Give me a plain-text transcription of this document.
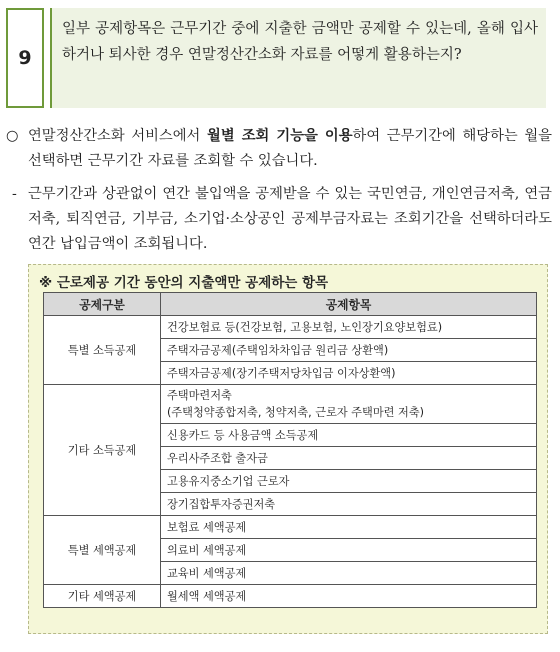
9
일부 공제항목은 근무기간 중에 지출한 금액만 공제할 수 있는데, 올해 입사하거나 퇴사한 경우 연말정산간소화 자료를 어떻게 활용하는지?
○ 연말정산간소화 서비스에서 월별 조회 기능을 이용하여 근무기간에 해당하는 월을 선택하면 근무기간 자료를 조회할 수 있습니다.
- 근무기간과 상관없이 연간 불입액을 공제받을 수 있는 국민연금, 개인연금저축, 연금저축, 퇴직연금, 기부금, 소기업·소상공인 공제부금자료는 조회기간을 선택하더라도 연간 납입금액이 조회됩니다.
※ 근로제공 기간 동안의 지출액만 공제하는 항목
공제구분	공제항목
특별 소득공제	건강보험료 등(건강보험, 고용보험, 노인장기요양보험료)
	주택자금공제(주택임차차입금 원리금 상환액)
	주택자금공제(장기주택저당차입금 이자상환액)
기타 소득공제	주택마련저축
(주택청약종합저축, 청약저축, 근로자 주택마련 저축)

	신용카드 등 사용금액 소득공제
	우리사주조합 출자금
	고용유지중소기업 근로자
	장기집합투자증권저축
특별 세액공제	보험료 세액공제
	의료비 세액공제
	교육비 세액공제
기타 세액공제	월세액 세액공제
